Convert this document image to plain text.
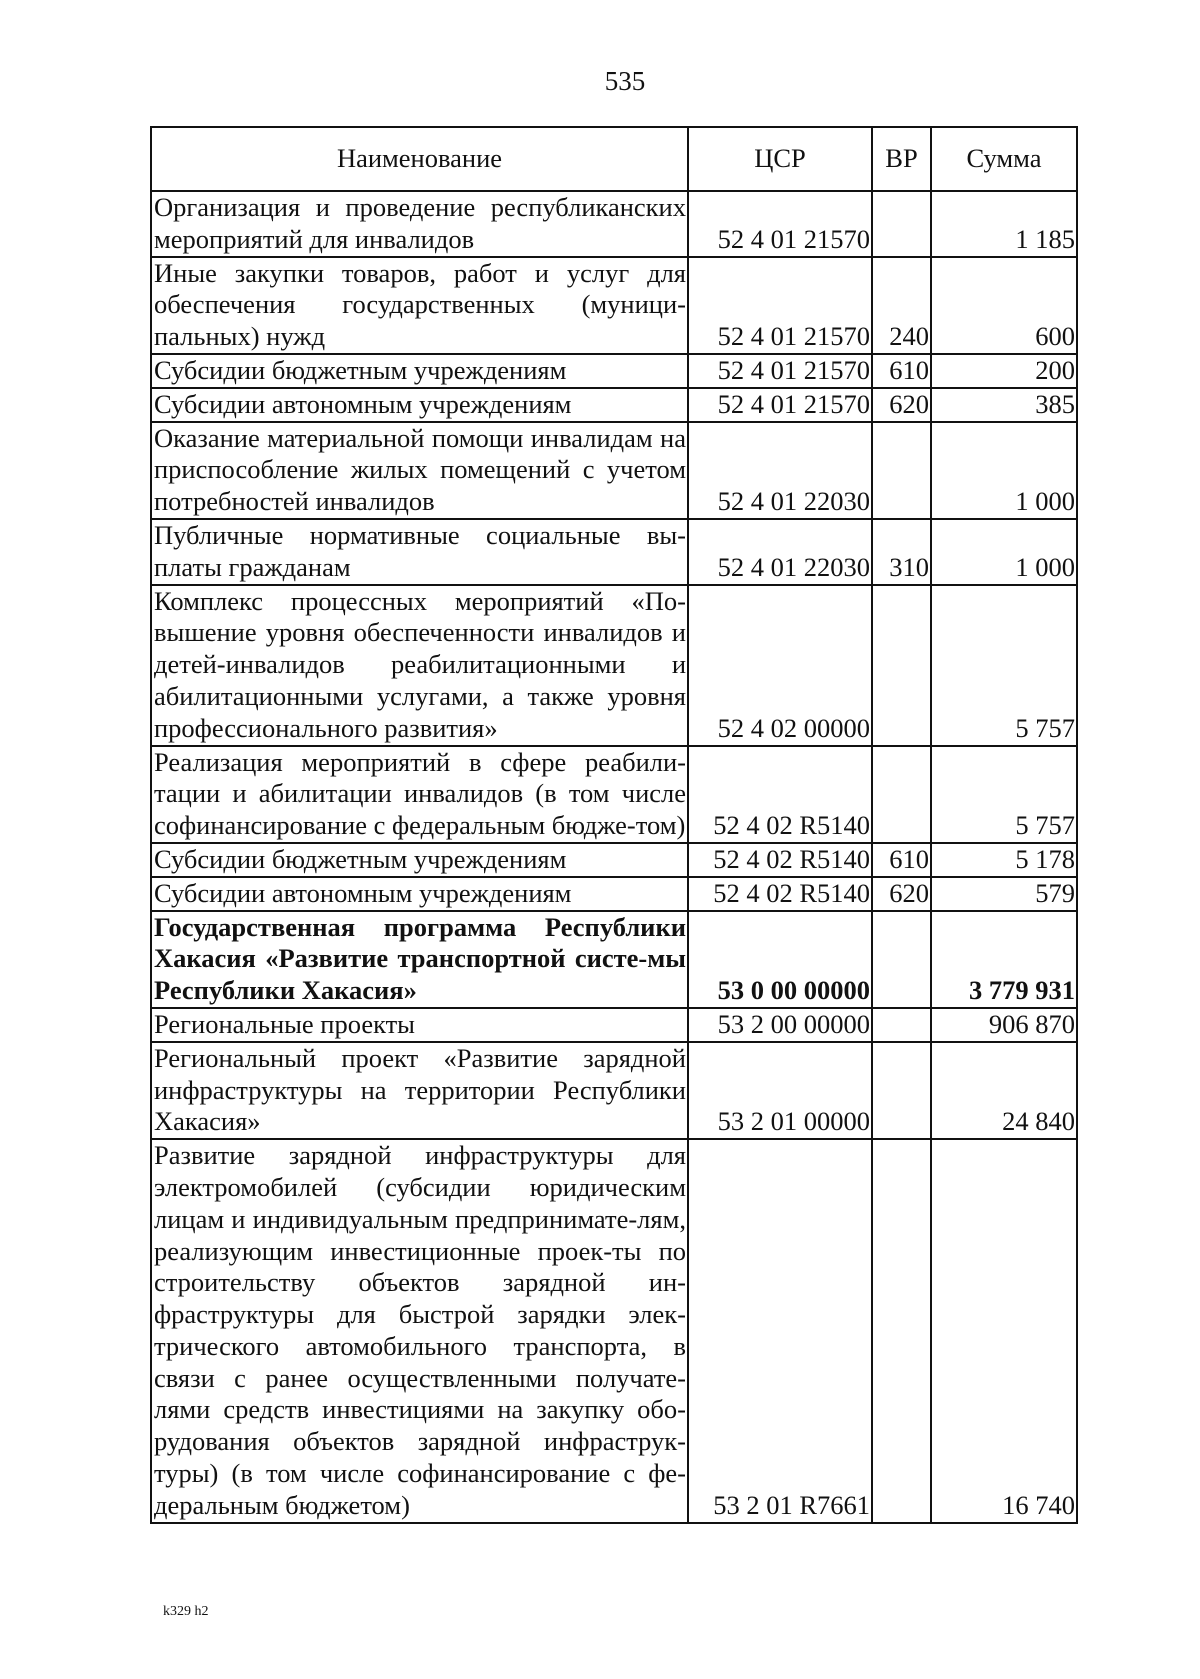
535
Наименование	ЦСР	ВР	Сумма
Организация и проведение республиканских мероприятий для инвалидов	52 4 01 21570		1 185
Иные закупки товаров, работ и услуг для обеспечения государственных (муници-пальных) нужд	52 4 01 21570	240	600
Субсидии бюджетным учреждениям	52 4 01 21570	610	200
Субсидии автономным учреждениям	52 4 01 21570	620	385
Оказание материальной помощи инвалидам на приспособление жилых помещений с учетом потребностей инвалидов	52 4 01 22030		1 000
Публичные нормативные социальные вы-платы гражданам	52 4 01 22030	310	1 000
Комплекс процессных мероприятий «По-вышение уровня обеспеченности инвалидов и детей-инвалидов реабилитационными и абилитационными услугами, а также уровня профессионального развития»	52 4 02 00000		5 757
Реализация мероприятий в сфере реабили-тации и абилитации инвалидов (в том числе софинансирование с федеральным бюдже-том)	52 4 02 R5140		5 757
Субсидии бюджетным учреждениям	52 4 02 R5140	610	5 178
Субсидии автономным учреждениям	52 4 02 R5140	620	579
Государственная программа Республики Хакасия «Развитие транспортной систе-мы Республики Хакасия»	53 0 00 00000		3 779 931
Региональные проекты	53 2 00 00000		906 870
Региональный проект «Развитие зарядной инфраструктуры на территории Республики Хакасия»	53 2 01 00000		24 840
Развитие зарядной инфраструктуры для электромобилей (субсидии юридическим лицам и индивидуальным предпринимате-лям, реализующим инвестиционные проек-ты по строительству объектов зарядной ин-фраструктуры для быстрой зарядки элек-трического автомобильного транспорта, в связи с ранее осуществленными получате-лями средств инвестициями на закупку обо-рудования объектов зарядной инфраструк-туры) (в том числе софинансирование с фе-деральным бюджетом)	53 2 01 R7661		16 740
k329 h2
